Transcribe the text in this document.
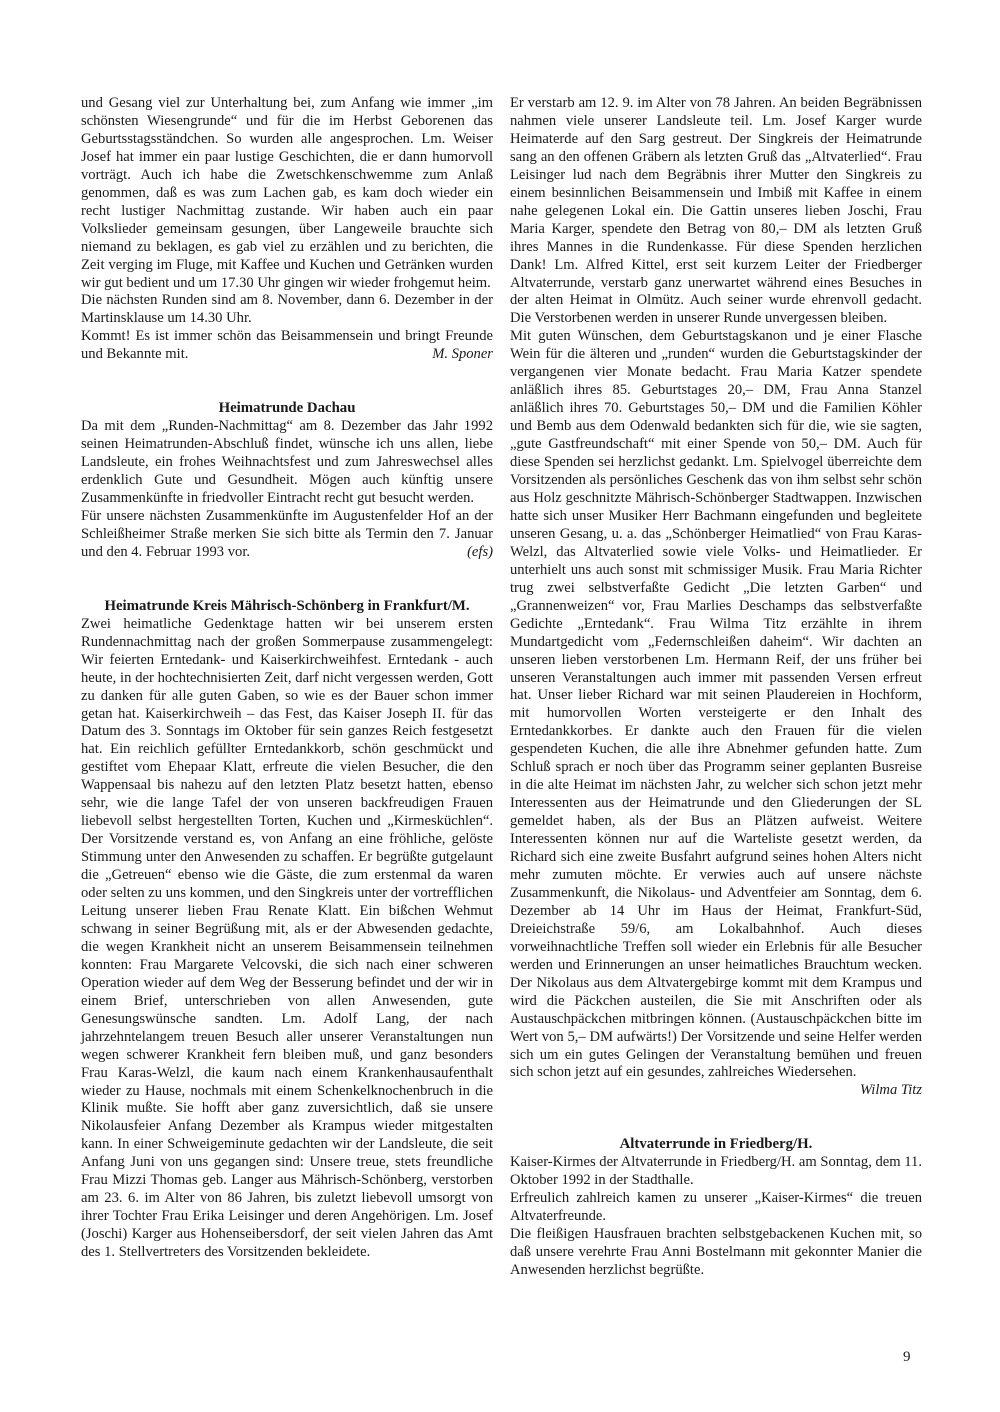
und Gesang viel zur Unterhaltung bei, zum Anfang wie immer „im schönsten Wiesengrunde“ und für die im Herbst Geborenen das Geburtsstagsständchen. So wurden alle angesprochen. Lm. Weiser Josef hat immer ein paar lustige Geschichten, die er dann humorvoll vorträgt. Auch ich habe die Zwetschkenschwemme zum Anlaß genommen, daß es was zum Lachen gab, es kam doch wieder ein recht lustiger Nachmittag zustande. Wir haben auch ein paar Volkslieder gemeinsam gesungen, über Langeweile brauchte sich niemand zu beklagen, es gab viel zu erzählen und zu berichten, die Zeit verging im Fluge, mit Kaffee und Kuchen und Getränken wurden wir gut bedient und um 17.30 Uhr gingen wir wieder frohgemut heim.

Die nächsten Runden sind am 8. November, dann 6. Dezember in der Martinsklause um 14.30 Uhr.

Kommt! Es ist immer schön das Beisammensein und bringt Freunde und Bekannte mit.	M. Sponer
Heimatrunde Dachau

Da mit dem „Runden-Nachmittag“ am 8. Dezember das Jahr 1992 seinen Heimatrunden-Abschluß findet, wünsche ich uns allen, liebe Landsleute, ein frohes Weihnachtsfest und zum Jahreswechsel alles erdenklich Gute und Gesundheit. Mögen auch künftig unsere Zusammenkünfte in friedvoller Eintracht recht gut besucht werden.

Für unsere nächsten Zusammenkünfte im Augustenfelder Hof an der Schleißheimer Straße merken Sie sich bitte als Termin den 7. Januar und den 4. Februar 1993 vor.	(efs)
Heimatrunde Kreis Mährisch-Schönberg in Frankfurt/M.

Zwei heimatliche Gedenktage hatten wir bei unserem ersten Rundennachmittag nach der großen Sommerpause zusammengelegt: Wir feierten Erntedank- und Kaiserkirchweihfest. Erntedank - auch heute, in der hochtechnisierten Zeit, darf nicht vergessen werden, Gott zu danken für alle guten Gaben, so wie es der Bauer schon immer getan hat. Kaiserkirchweih – das Fest, das Kaiser Joseph II. für das Datum des 3. Sonntags im Oktober für sein ganzes Reich festgesetzt hat. Ein reichlich gefüllter Erntedankkorb, schön geschmückt und gestiftet vom Ehepaar Klatt, erfreute die vielen Besucher, die den Wappensaal bis nahezu auf den letzten Platz besetzt hatten, ebenso sehr, wie die lange Tafel der von unseren backfreudigen Frauen liebevoll selbst hergestellten Torten, Kuchen und „Kirmesküchlen“. Der Vorsitzende verstand es, von Anfang an eine fröhliche, gelöste Stimmung unter den Anwesenden zu schaffen. Er begrüßte gutgelaunt die „Getreuen“ ebenso wie die Gäste, die zum erstenmal da waren oder selten zu uns kommen, und den Singkreis unter der vortrefflichen Leitung unserer lieben Frau Renate Klatt. Ein bißchen Wehmut schwang in seiner Begrüßung mit, als er der Abwesenden gedachte, die wegen Krankheit nicht an unserem Beisammensein teilnehmen konnten: Frau Margarete Velcovski, die sich nach einer schweren Operation wieder auf dem Weg der Besserung befindet und der wir in einem Brief, unterschrieben von allen Anwesenden, gute Genesungswünsche sandten. Lm. Adolf Lang, der nach jahrzehntelangem treuen Besuch aller unserer Veranstaltungen nun wegen schwerer Krankheit fern bleiben muß, und ganz besonders Frau Karas-Welzl, die kaum nach einem Krankenhausaufenthalt wieder zu Hause, nochmals mit einem Schenkelknochenbruch in die Klinik mußte. Sie hofft aber ganz zuversichtlich, daß sie unsere Nikolausfeier Anfang Dezember als Krampus wieder mitgestalten kann. In einer Schweigeminute gedachten wir der Landsleute, die seit Anfang Juni von uns gegangen sind: Unsere treue, stets freundliche Frau Mizzi Thomas geb. Langer aus Mährisch-Schönberg, verstorben am 23. 6. im Alter von 86 Jahren, bis zuletzt liebevoll umsorgt von ihrer Tochter Frau Erika Leisinger und deren Angehörigen. Lm. Josef (Joschi) Karger aus Hohenseibersdorf, der seit vielen Jahren das Amt des 1. Stellvertreters des Vorsitzenden bekleidete.

Er verstarb am 12. 9. im Alter von 78 Jahren. An beiden Begräbnissen nahmen viele unserer Landsleute teil. Lm. Josef Karger wurde Heimaterde auf den Sarg gestreut. Der Singkreis der Heimatrunde sang an den offenen Gräbern als letzten Gruß das „Altvaterlied“. Frau Leisinger lud nach dem Begräbnis ihrer Mutter den Singkreis zu einem besinnlichen Beisammensein und Imbiß mit Kaffee in einem nahe gelegenen Lokal ein. Die Gattin unseres lieben Joschi, Frau Maria Karger, spendete den Betrag von 80,– DM als letzten Gruß ihres Mannes in die Rundenkasse. Für diese Spenden herzlichen Dank! Lm. Alfred Kittel, erst seit kurzem Leiter der Friedberger Altvaterrunde, verstarb ganz unerwartet während eines Besuches in der alten Heimat in Olmütz. Auch seiner wurde ehrenvoll gedacht. Die Verstorbenen werden in unserer Runde unvergessen bleiben.

Mit guten Wünschen, dem Geburtstagskanon und je einer Flasche Wein für die älteren und „runden“ wurden die Geburtstagskinder der vergangenen vier Monate bedacht. Frau Maria Katzer spendete anläßlich ihres 85. Geburtstages 20,– DM, Frau Anna Stanzel anläßlich ihres 70. Geburtstages 50,– DM und die Familien Köhler und Bemb aus dem Odenwald bedankten sich für die, wie sie sagten, „gute Gastfreundschaft“ mit einer Spende von 50,– DM. Auch für diese Spenden sei herzlichst gedankt. Lm. Spielvogel überreichte dem Vorsitzenden als persönliches Geschenk das von ihm selbst sehr schön aus Holz geschnitzte Mährisch-Schönberger Stadtwappen. Inzwischen hatte sich unser Musiker Herr Bachmann eingefunden und begleitete unseren Gesang, u. a. das „Schönberger Heimatlied“ von Frau Karas-Welzl, das Altvaterlied sowie viele Volks- und Heimatlieder. Er unterhielt uns auch sonst mit schmissiger Musik. Frau Maria Richter trug zwei selbstverfaßte Gedicht „Die letzten Garben“ und „Grannenweizen“ vor, Frau Marlies Deschamps das selbstverfaßte Gedichte „Erntedank“. Frau Wilma Titz erzählte in ihrem Mundartgedicht vom „Federnschleißen daheim“. Wir dachten an unseren lieben verstorbenen Lm. Hermann Reif, der uns früher bei unseren Veranstaltungen auch immer mit passenden Versen erfreut hat. Unser lieber Richard war mit seinen Plaudereien in Hochform, mit humorvollen Worten versteigerte er den Inhalt des Erntedankkorbes. Er dankte auch den Frauen für die vielen gespendeten Kuchen, die alle ihre Abnehmer gefunden hatte. Zum Schluß sprach er noch über das Programm seiner geplanten Busreise in die alte Heimat im nächsten Jahr, zu welcher sich schon jetzt mehr Interessenten aus der Heimatrunde und den Gliederungen der SL gemeldet haben, als der Bus an Plätzen aufweist. Weitere Interessenten können nur auf die Warteliste gesetzt werden, da Richard sich eine zweite Busfahrt aufgrund seines hohen Alters nicht mehr zumuten möchte. Er verwies auch auf unsere nächste Zusammenkunft, die Nikolaus- und Adventfeier am Sonntag, dem 6. Dezember ab 14 Uhr im Haus der Heimat, Frankfurt-Süd, Dreieichstraße 59/6, am Lokalbahnhof. Auch dieses vorweihnachtliche Treffen soll wieder ein Erlebnis für alle Besucher werden und Erinnerungen an unser heimatliches Brauchtum wecken. Der Nikolaus aus dem Altvatergebirge kommt mit dem Krampus und wird die Päckchen austeilen, die Sie mit Anschriften oder als Austauschpäckchen mitbringen können. (Austauschpäckchen bitte im Wert von 5,– DM aufwärts!) Der Vorsitzende und seine Helfer werden sich um ein gutes Gelingen der Veranstaltung bemühen und freuen sich schon jetzt auf ein gesundes, zahlreiches Wiedersehen.

Wilma Titz
Altvaterrunde in Friedberg/H.

Kaiser-Kirmes der Altvaterrunde in Friedberg/H. am Sonntag, dem 11. Oktober 1992 in der Stadthalle.

Erfreulich zahlreich kamen zu unserer „Kaiser-Kirmes“ die treuen Altvaterfreunde.

Die fleißigen Hausfrauen brachten selbstgebackenen Kuchen mit, so daß unsere verehrte Frau Anni Bostelmann mit gekonnter Manier die Anwesenden herzlichst begrüßte.

9
